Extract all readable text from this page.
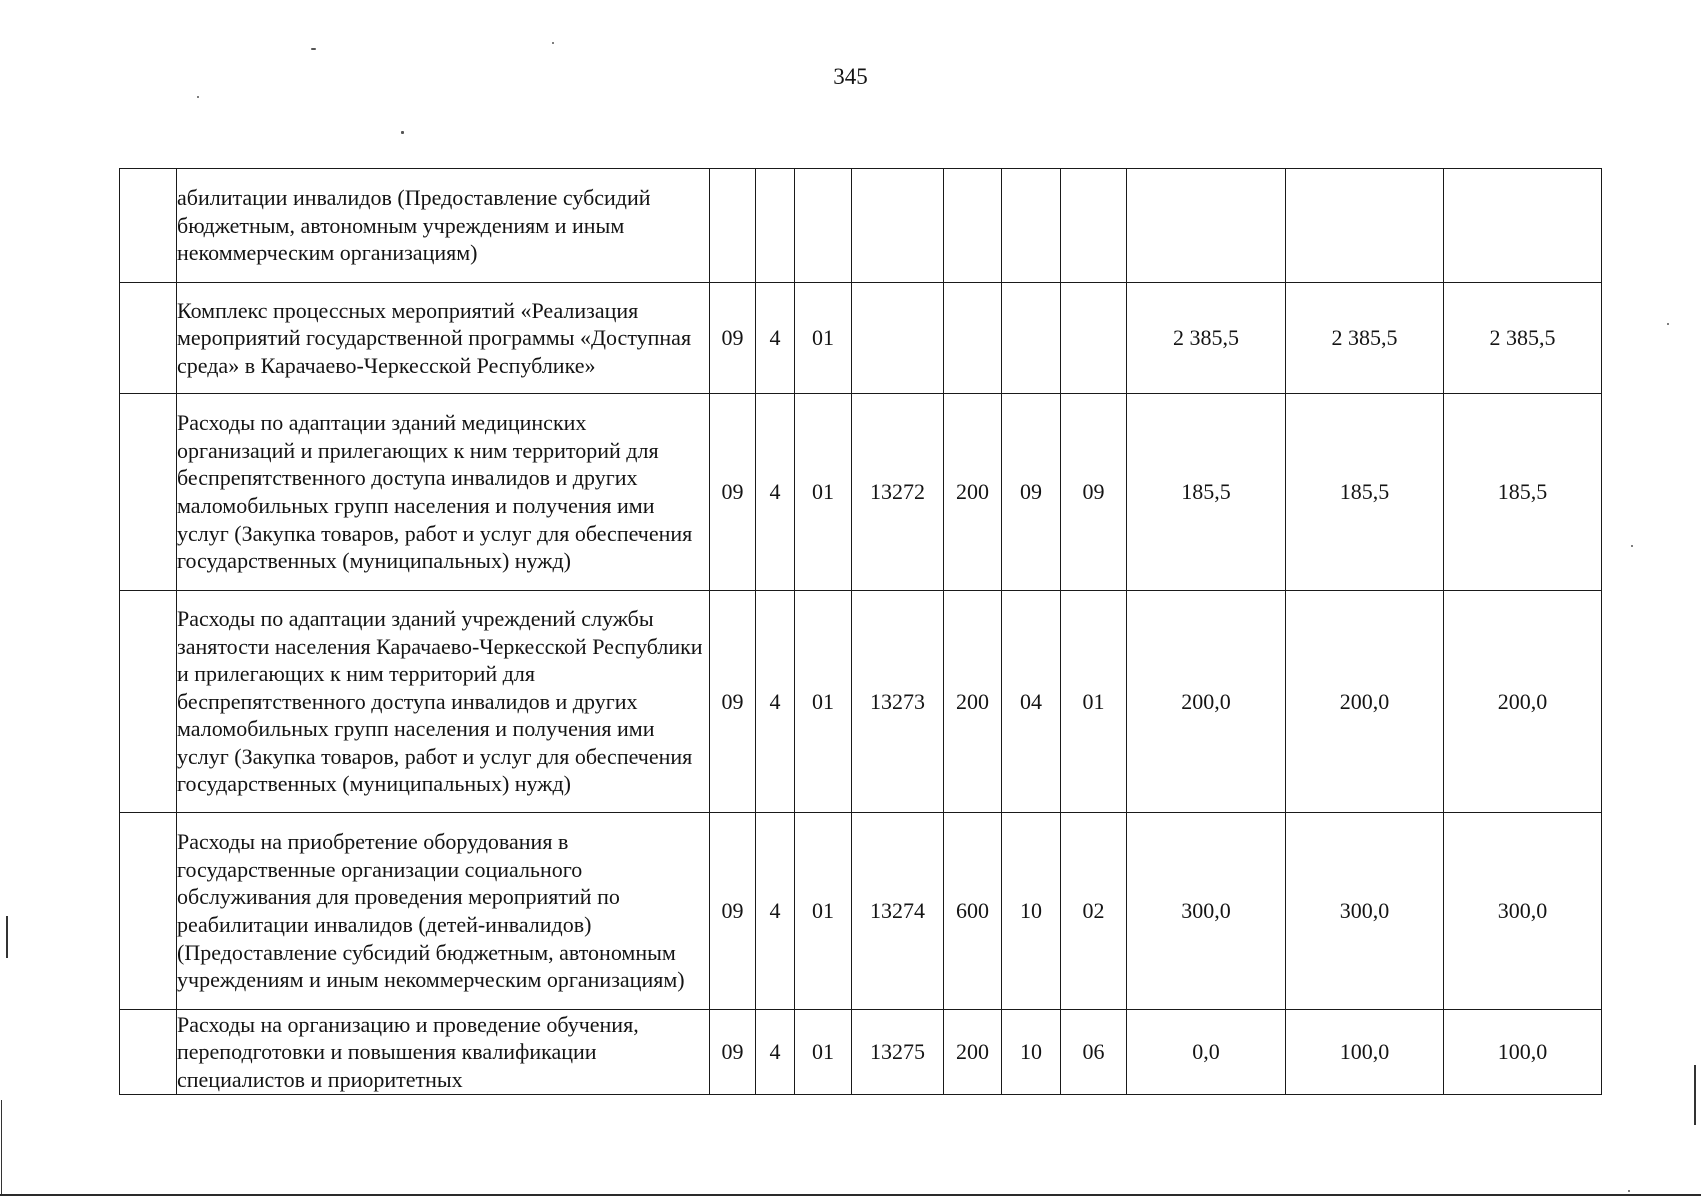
345
	абилитации инвалидов (Предоставление субсидий бюджетным, автономным учреждениям и иным некоммерческим организациям)										
	Комплекс процессных мероприятий «Реализация мероприятий государственной программы «Доступная среда» в Карачаево-Черкесской Республике»	09	4	01					2 385,5	2 385,5	2 385,5
	Расходы по адаптации зданий медицинских организаций и прилегающих к ним территорий для беспрепятственного доступа инвалидов и других маломобильных групп населения и получения ими услуг (Закупка товаров, работ и услуг для обеспечения государственных (муниципальных) нужд)	09	4	01	13272	200	09	09	185,5	185,5	185,5
	Расходы по адаптации зданий учреждений службы занятости населения Карачаево-Черкесской Республики и прилегающих к ним территорий для беспрепятственного доступа инвалидов и других маломобильных групп населения и получения ими услуг (Закупка товаров, работ и услуг для обеспечения государственных (муниципальных) нужд)	09	4	01	13273	200	04	01	200,0	200,0	200,0
	Расходы на приобретение оборудования в государственные организации социального обслуживания для проведения мероприятий по реабилитации инвалидов (детей-инвалидов) (Предоставление субсидий бюджетным, автономным учреждениям и иным некоммерческим организациям)	09	4	01	13274	600	10	02	300,0	300,0	300,0
	Расходы на организацию и проведение обучения, переподготовки и повышения квалификации специалистов и приоритетных	09	4	01	13275	200	10	06	0,0	100,0	100,0
